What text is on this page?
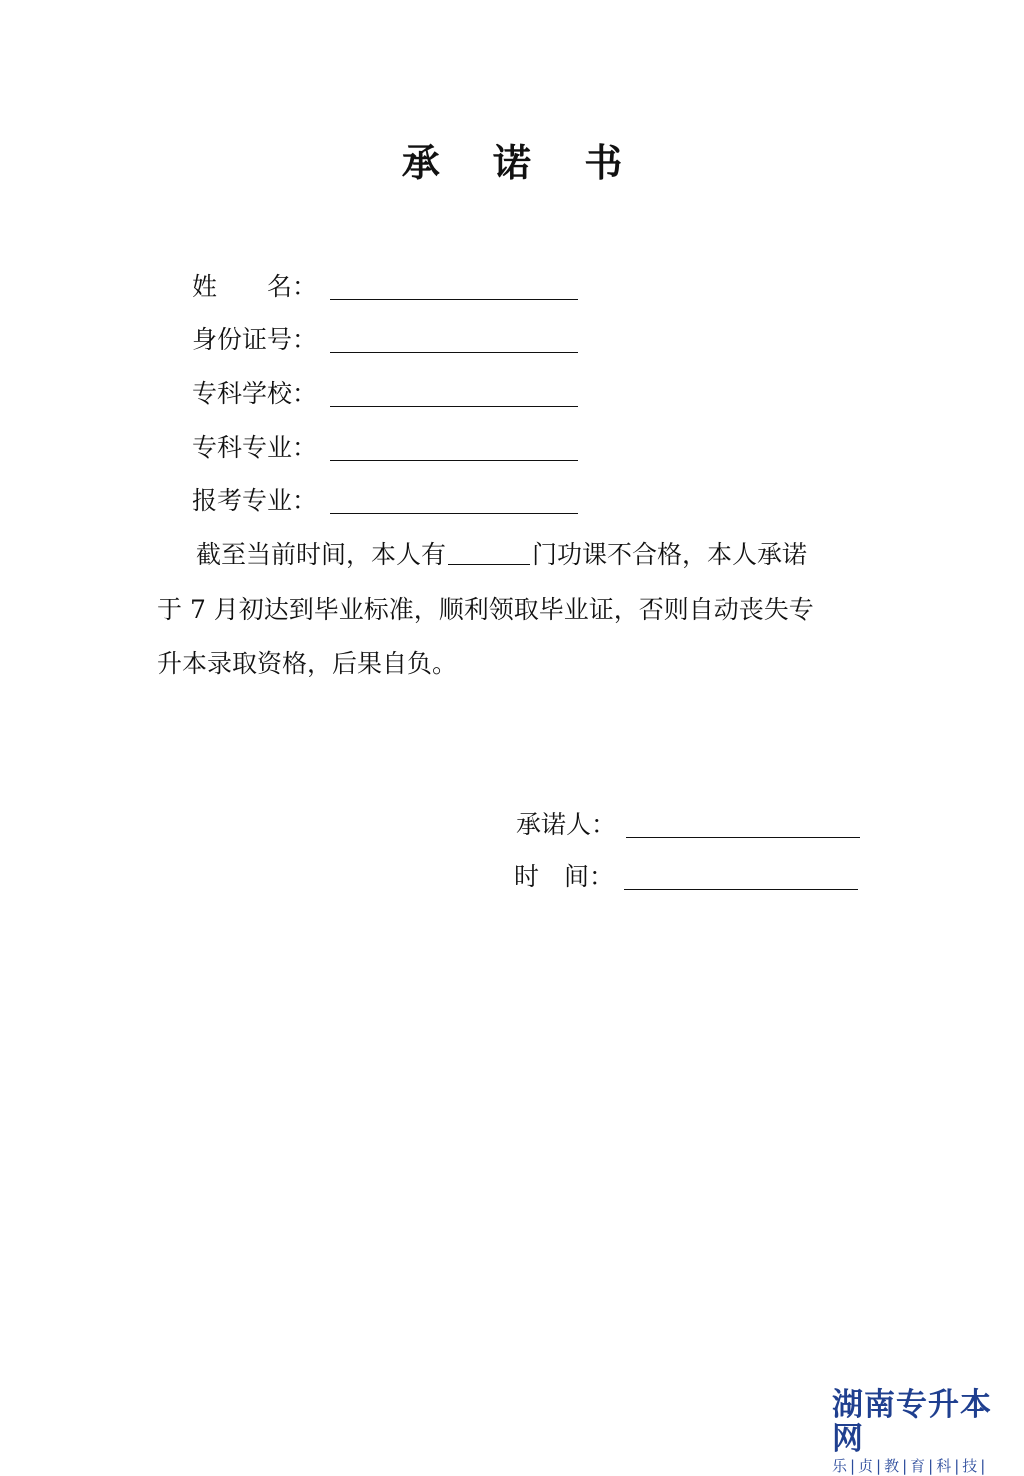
承 诺 书
姓　　名：
身份证号：
专科学校：
专科专业：
报考专业：
截至当前时间，本人有	门功课不合格，本人承诺
于 7 月初达到毕业标准，顺利领取毕业证，否则自动丧失专
升本录取资格，后果自负。
承诺人：
时　间：
湖南专升本网
乐|贞|教|育|科|技|
